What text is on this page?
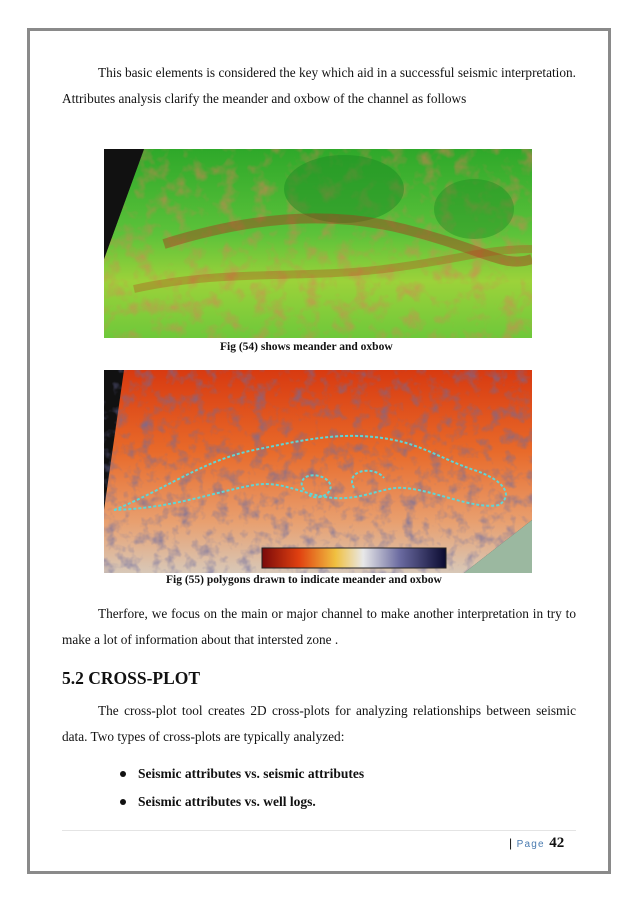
This basic elements is considered the key which aid in a successful seismic interpretation. Attributes analysis clarify the meander and oxbow of the channel as follows

Fig (54) shows meander and oxbow
Fig (55) polygons drawn to indicate meander and oxbow

Therfore, we focus on the main or major channel to make another interpretation in try to make a lot of information about that intersted zone .

5.2 CROSS-PLOT

The cross-plot tool creates 2D cross-plots for analyzing relationships between seismic data. Two types of cross-plots are typically analyzed:

Seismic attributes vs. seismic attributes
Seismic attributes vs. well logs.
| Page 42
